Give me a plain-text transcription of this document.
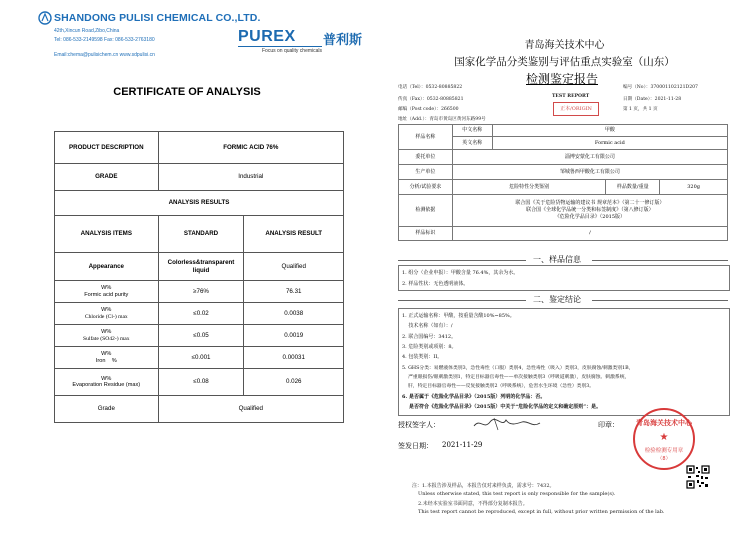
SHANDONG PULISI CHEMICAL CO.,LTD.
42th,Xincun Road,Zibo,China
Tel: 086-533-2149598 Fax: 086-533-2763180
Email:chema@pulisichem.cn www.sdpulisi.cn
PUREX 普利斯
Focus on quality chemicals
CERTIFICATE OF ANALYSIS
PRODUCT DESCRIPTION	FORMIC ACID 76%	
GRADE	Industrial	
ANALYSIS RESULTS		
ANALYSIS ITEMS	STANDARD	ANALYSIS RESULT
Appearance	Colorless&transparent liquid	Qualified

W%
Formic acid purity	≥76%	76.31

W%
Chloride (Cl-) max	≤0.02	0.0038

W%
Sulfate (SO42-) max	≤0.05	0.0019

W%
Iron    %	≤0.001	0.00031

W%
Evaporation Residue (max)	≤0.08	0.026
Grade	Qualified	
青岛海关技术中心
国家化学品分类鉴别与评估重点实验室（山东）
检测鉴定报告
电话（Tel）：0532-80885822
传真（Fax）：0532-80885821
邮编（Post code）：266500
地址（Add.）：青岛市黄岛区黄河东路99号
编号（No）：370001102121D207
TEST REPORT
日期（Date）：2021-11-28
第 1 页，共 1 页
正本/ORIGIN
样品名称	中文名称	甲酸		
	英文名称	Formic acid		
委托单位	淄博安蒙化工有限公司			
生产单位	邹城鲁西甲酸化工有限公司			
分析/试验要求	危险特性分类鉴别		样品数量/重量	320g
检测依据	联合国《关于危险货物运输的建议书 规章范本》（第二十一修订版）
联合国《全球化学品统一分类和标签制度》（第八修订版）
《危险化学品目录》（2015版）			

样品标识	/			
一、样品信息
1. 组分（企业申报）：甲酸含量 76.4%，其余为水。
2. 样品性状：无色透明液体。
二、鉴定结论
1. 正式运输名称：甲酸，按重量含酸10%~85%。
技术名称（如有）：/
2. 联合国编号：3412。
3. 危险类别或项别：8。
4. 包装类别：II。
5. GHS分类：易燃液体类别3，急性毒性（口服）类别4，急性毒性（吸入）类别3，皮肤腐蚀/刺激类别1B，
严重眼损伤/眼刺激类别1，特定目标器官毒性——单次接触类别3（呼吸道刺激），皮肤腐蚀、刺激系统，
肝，特定目标器官毒性——反复接触类别2（呼吸系统），危害水生环境（急性）类别3。
6. 是否属于《危险化学品目录》（2015版）列明的化学品：否。
是否符合《危险化学品目录》（2015版）中关于“危险化学品的定义和确定原则”：是。
授权签字人：	印章：
签发日期： 2021-11-29
青岛海关技术中心
★
检验检测专用章
（8）
注：1.本报告涉及样品，本报告仅对来样负责，需求号：7432。
Unless otherwise stated, this test report is only responsible for the sample(s).
2.未经本实验室书面同意，不得部分复制本报告。
This test report cannot be reproduced, except in full, without prior written permission of the lab.
